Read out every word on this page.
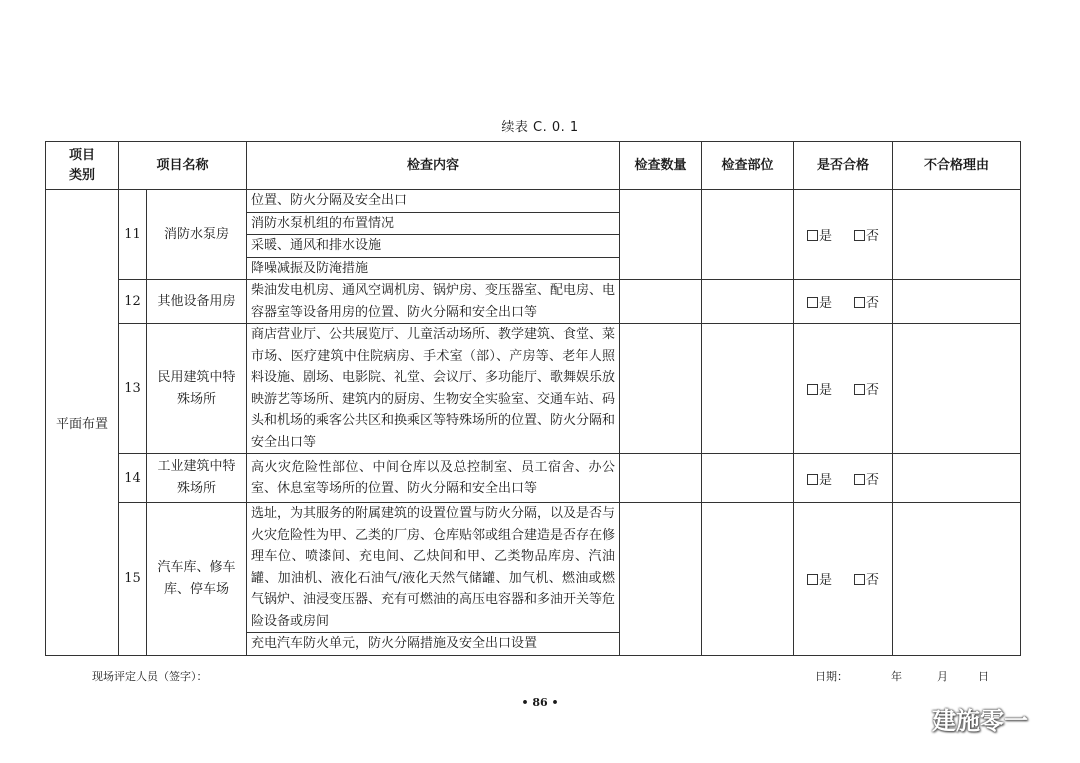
续表 C. 0. 1
项目
类别	项目名称		检查内容	检查数量	检查部位	是否合格	不合格理由
平面布置	11	消防水泵房	位置、防火分隔及安全出口			是 否	
			消防水泵机组的布置情况				
			采暖、通风和排水设施				
			降噪减振及防淹措施				
	12	其他设备用房	柴油发电机房、通风空调机房、锅炉房、变压器室、配电房、电容器室等设备用房的位置、防火分隔和安全出口等			是 否	
	13	民用建筑中特殊场所	商店营业厅、公共展览厅、儿童活动场所、教学建筑、食堂、菜市场、医疗建筑中住院病房、手术室（部）、产房等、老年人照料设施、剧场、电影院、礼堂、会议厅、多功能厅、歌舞娱乐放映游艺等场所、建筑内的厨房、生物安全实验室、交通车站、码头和机场的乘客公共区和换乘区等特殊场所的位置、防火分隔和安全出口等			是 否	
	14	工业建筑中特殊场所	高火灾危险性部位、中间仓库以及总控制室、员工宿舍、办公室、休息室等场所的位置、防火分隔和安全出口等			是 否	
	15	汽车库、修车库、停车场	选址，为其服务的附属建筑的设置位置与防火分隔，以及是否与火灾危险性为甲、乙类的厂房、仓库贴邻或组合建造是否存在修理车位、喷漆间、充电间、乙炔间和甲、乙类物品库房、汽油罐、加油机、液化石油气/液化天然气储罐、加气机、燃油或燃气锅炉、油浸变压器、充有可燃油的高压电容器和多油开关等危险设备或房间			是 否	
			充电汽车防火单元，防火分隔措施及安全出口设置				
现场评定人员（签字）：	日期：	年	月	日
• 86 •
建施零一
